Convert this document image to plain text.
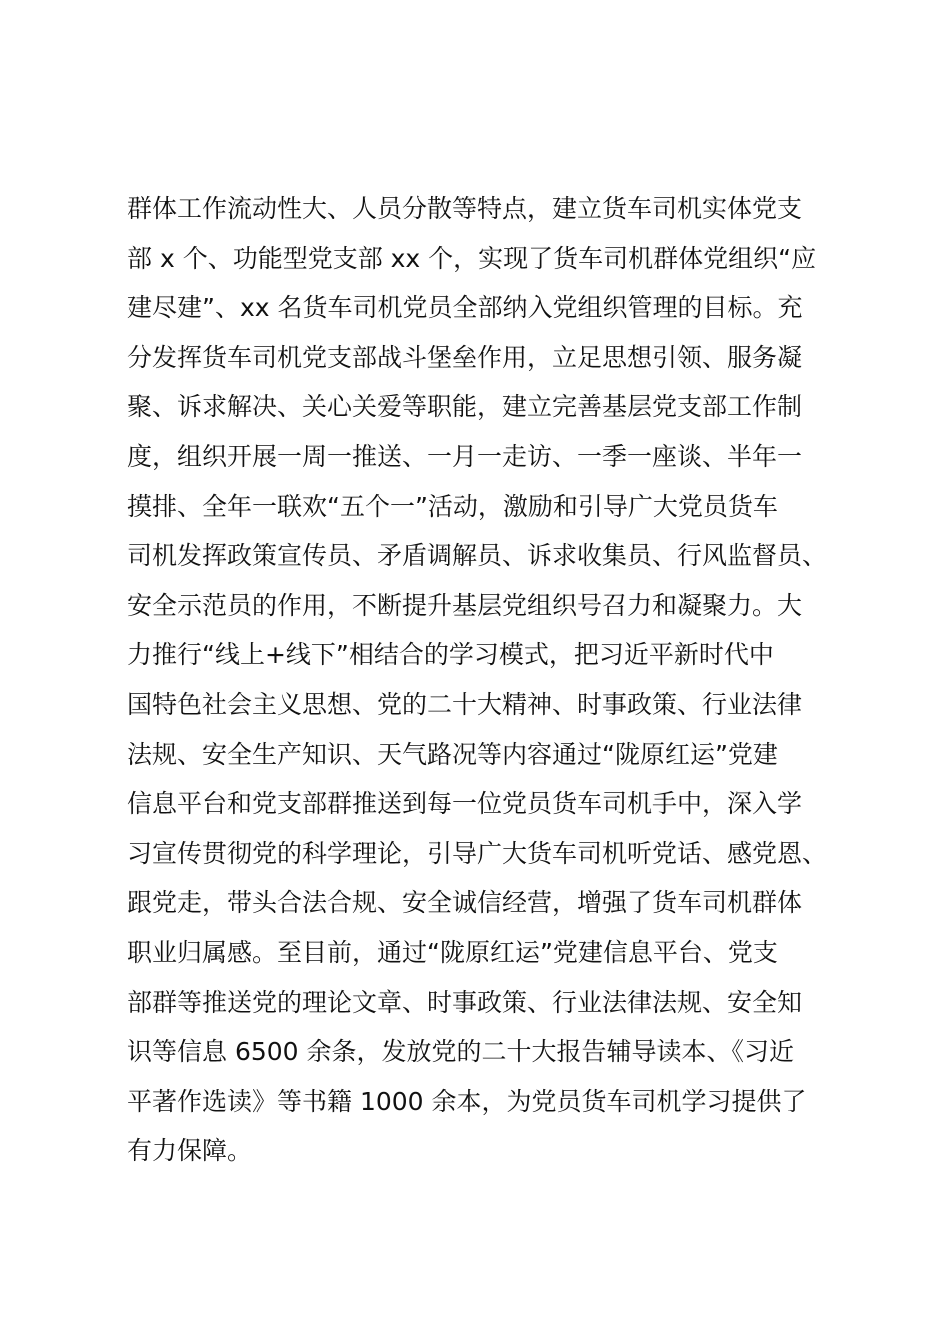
群体工作流动性大、人员分散等特点，建立货车司机实体党支
部 x 个、功能型党支部 xx 个，实现了货车司机群体党组织“应
建尽建”、xx 名货车司机党员全部纳入党组织管理的目标。充
分发挥货车司机党支部战斗堡垒作用，立足思想引领、服务凝
聚、诉求解决、关心关爱等职能，建立完善基层党支部工作制
度，组织开展一周一推送、一月一走访、一季一座谈、半年一
摸排、全年一联欢“五个一”活动，激励和引导广大党员货车
司机发挥政策宣传员、矛盾调解员、诉求收集员、行风监督员、
安全示范员的作用，不断提升基层党组织号召力和凝聚力。大
力推行“线上+线下”相结合的学习模式，把习近平新时代中
国特色社会主义思想、党的二十大精神、时事政策、行业法律
法规、安全生产知识、天气路况等内容通过“陇原红运”党建
信息平台和党支部群推送到每一位党员货车司机手中，深入学
习宣传贯彻党的科学理论，引导广大货车司机听党话、感党恩、
跟党走，带头合法合规、安全诚信经营，增强了货车司机群体
职业归属感。至目前，通过“陇原红运”党建信息平台、党支
部群等推送党的理论文章、时事政策、行业法律法规、安全知
识等信息 6500 余条，发放党的二十大报告辅导读本、《习近
平著作选读》等书籍 1000 余本，为党员货车司机学习提供了
有力保障。
